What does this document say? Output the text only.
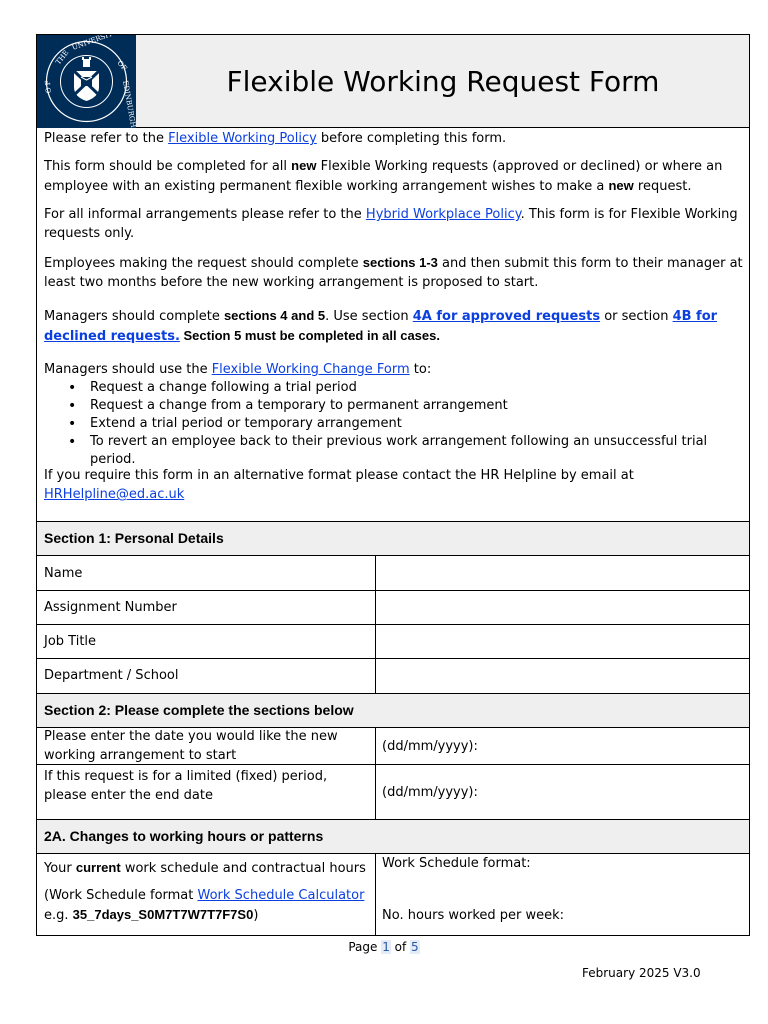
THE
UNIVERSITY
OF
EDINBURGH
O F	Flexible Working Request Form
Please refer to the Flexible Working Policy before completing this form.
This form should be completed for all new Flexible Working requests (approved or declined) or where an employee with an existing permanent flexible working arrangement wishes to make a new request.
For all informal arrangements please refer to the Hybrid Workplace Policy. This form is for Flexible Working requests only.
Employees making the request should complete sections 1-3 and then submit this form to their manager at least two months before the new working arrangement is proposed to start.
Managers should complete sections 4 and 5. Use section 4A for approved requests or section 4B for declined requests. Section 5 must be completed in all cases.
Managers should use the Flexible Working Change Form to:
• Request a change following a trial period
• Request a change from a temporary to permanent arrangement
• Extend a trial period or temporary arrangement
• To revert an employee back to their previous work arrangement following an unsuccessful trial period.
If you require this form in an alternative format please contact the HR Helpline by email at
HRHelpline@ed.ac.uk
Section 1: Personal Details
Name
Assignment Number
Job Title
Department / School
Section 2: Please complete the sections below
Please enter the date you would like the new working arrangement to start
(dd/mm/yyyy):
If this request is for a limited (fixed) period, please enter the end date	(dd/mm/yyyy):
2A. Changes to working hours or patterns
Your current work schedule and contractual hours
(Work Schedule format Work Schedule Calculator
e.g. 35_7days_S0M7T7W7T7F7S0)
Work Schedule format:
No. hours worked per week:
Page 1 of 5
February 2025 V3.0
